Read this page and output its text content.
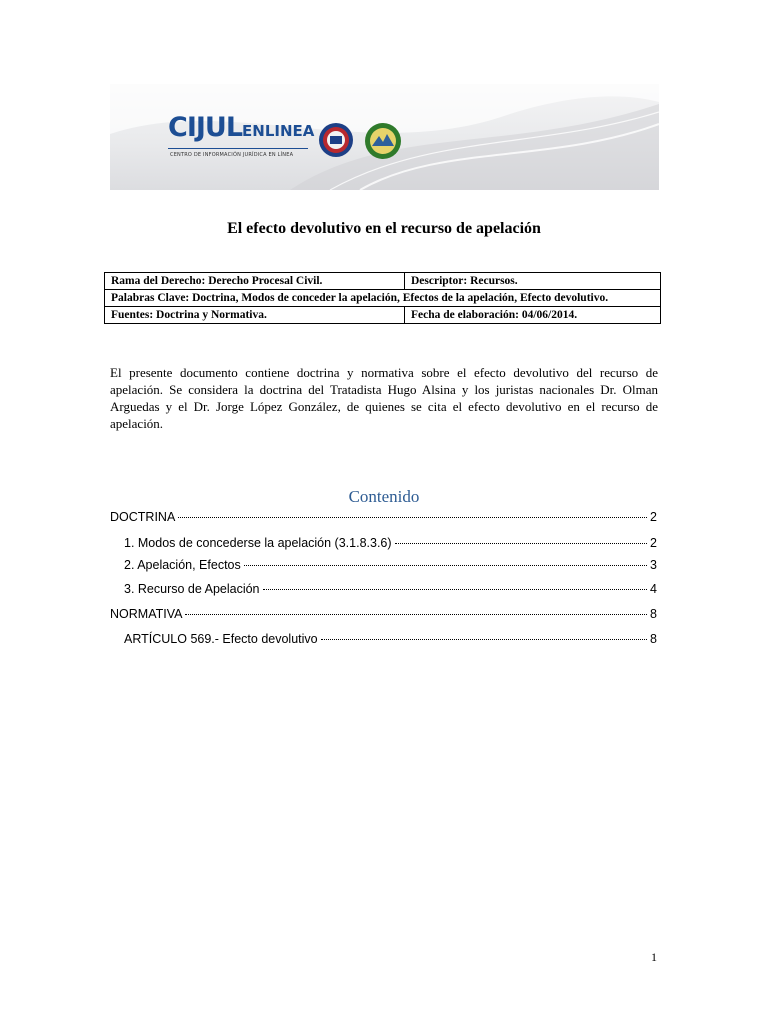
CIJULENLINEA
CENTRO DE INFORMACIÓN JURÍDICA EN LÍNEA
El efecto devolutivo en el recurso de apelación
Rama del Derecho: Derecho Procesal Civil.	Descriptor: Recursos.
Palabras Clave: Doctrina, Modos de conceder la apelación, Efectos de la apelación, Efecto devolutivo.	
Fuentes: Doctrina y Normativa.	Fecha de elaboración: 04/06/2014.
El presente documento contiene doctrina y normativa sobre el efecto devolutivo del recurso de apelación. Se considera la doctrina del Tratadista Hugo Alsina y los juristas nacionales Dr. Olman Arguedas y el Dr. Jorge López González, de quienes se cita el efecto devolutivo en el recurso de apelación.
Contenido
DOCTRINA	2
1. Modos de concederse la apelación (3.1.8.3.6)	2
2. Apelación, Efectos	3
3. Recurso de Apelación	4
NORMATIVA	8
ARTÍCULO 569.- Efecto devolutivo	8
1
